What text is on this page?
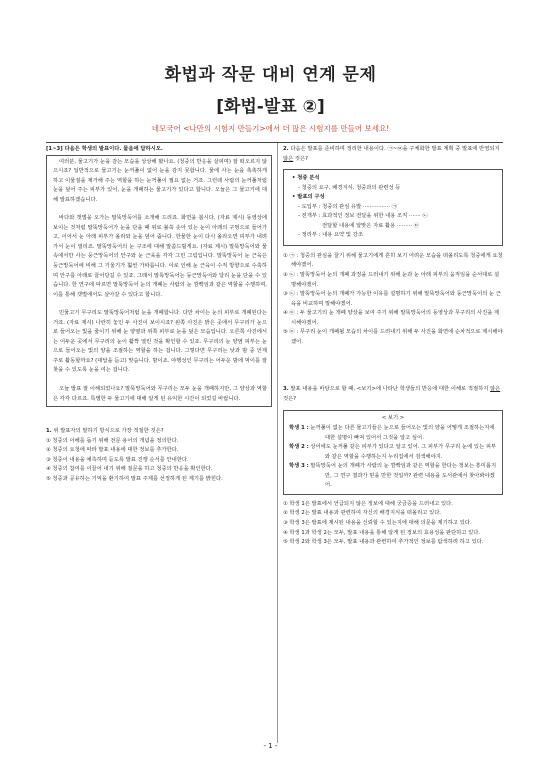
화법과 작문 대비 연계 문제
[화법-발표 ②]
네모국어 <나만의 시험지 만들기>에서 더 많은 시험지를 만들어 보세요!
[1~3] 다음은 학생의 발표이다. 물음에 답하시오.

여러분, 물고기가 눈을 감는 모습을 상상해 봤나요. (청중의 반응을 살피며) 잘 떠오르지 않으시죠? 일반적으로 물고기는 눈꺼풀이 없어 눈을 감지 못합니다. 물에 사는 눈을 촉촉하게 하고 이물질을 제거해 주는 역할을 하는 눈꺼풀이 필요 없는 거죠. 그런데 사람의 눈꺼풀처럼 눈을 덮어 주는 피부가 있어, 눈을 개폐하는 물고기가 있다고 합니다. 오늘은 그 물고기에 대해 발표하겠습니다.

바다와 갯벌을 오가는 말뚝망둑어를 소개해 드리죠. 화면을 봅시다. (자료 제시) 동영상에 보이는 것처럼 말뚝망둑어가 눈을 단을 때 위로 불쑥 솟아 있는 눈이 아래의 구멍으로 들어가고, 이어서 눈 아래 피부가 올라와 눈을 덮어 줍니다. 한물한 눈이 다시 올라오면 피부가 내려가서 눈이 열리죠. 말뚝망둑어의 눈 구조에 대해 말씀드릴게요. (자료 제시) 말뚝망둑어와 물속에서만 사는 둥근망둑어의 안구와 눈 근육을 각각 그린 그림입니다. 말뚝망둑어 눈 근육은 둥근망둑어에 비해 그 기울기가 훨씬 가파릅니다. 이로 인해 눈 근육이 수직 방향으로 수축하며 안구를 아래로 끌어당길 수 있죠. 그래서 말뚝망둑어는 둥근망둑어와 달리 눈을 단을 수 있습니다. 한 연구에 따르면 말뚝망둑어 눈의 개폐는 사람의 눈 깜빡임과 같은 역할을 수행하며, 이를 통해 갯벌에서도 살아갈 수 있다고 합니다.

민물고기 무구리도 말뚝망둑어처럼 눈을 개폐합니다. 다만 차이는 눈의 피부로 개폐된다는 거죠. (자료 제시) 나란히 놓인 두 사진이 보이시죠? 왼쪽 사진은 밝은 곳에서 무구리가 눈으로 들어오는 빛을 줄이기 위해 눈 양옆과 위쪽 피부로 눈을 덮은 모습입니다. 오른쪽 사진에서는 어두운 곳에서 무구리의 눈이 활짝 열린 것을 확인할 수 있죠. 무구리의 눈 양옆 피부는 눈으로 들어오는 빛의 양을 조절하는 역할을 하는 겁니다. 그렇다면 무구리는 낮과 밤 중 언제 주로 활동할까요? (대답을 듣고) 맞습니다. 밤이죠. 야행성인 무구리는 어두운 밤에 먹이를 잘 찾을 수 있도록 눈을 여는 겁니다.

오늘 발표 잘 이해되었나요? 말뚝망둑어와 무구리는 모두 눈을 개폐하지만, 그 양상과 역할은 각각 다르죠. 특별한 두 물고기에 대해 알게 된 유익한 시간이 되었길 바랍니다.

1. 위 발표자의 말하기 방식으로 가장 적절한 것은?
① 청중의 이해를 돕기 위해 전문 용어의 개념을 정의한다.
② 청중의 요청에 따라 발표 내용에 대한 정보를 추가한다.
③ 청중이 내용을 예측하며 듣도록 발표 진행 순서를 안내한다.
④ 청중의 참여를 이끌어 내기 위해 질문을 하고 청중의 반응을 확인한다.
⑤ 청중과 공유하는 기억을 환기하여 발표 주제를 선정하게 된 계기를 밝힌다.
2. 다음은 발표를 준비하며 정리한 내용이다. ㉠~㉤을 구체화한 발표 계획 중 발표에 반영되지 않은 것은?
• 청중 분석
- 청중의 요구, 배경지식, 청중과의 관련성 등
• 발표의 구성
- 도입부 : 청중의 관심 유발 ················ ㉠
- 전개부 : 효과적인 정보 전달을 위한 내용 조직 ······· ㉡
전달할 내용에 알맞은 자료 활용 ········· ㉢
- 정리부 : 내용 요약 및 강조
① ㉠ : 청중의 관심을 끌기 위해 물고기에게 흔히 보기 어려운 모습을 떠올리도록 청중에게 요청해야겠어.
② ㉡ : 말뚝망둑어 눈의 개폐 과정을 드러내기 위해 눈과 눈 아래 피부의 움직임을 순서대로 설명해야겠어.
③ ㉡ : 말뚝망둑어 눈의 개폐가 가능한 이유를 설명하기 위해 말뚝망둑어와 둥근망둑어의 눈 근육을 비교하며 말해야겠어.
④ ㉢ : 두 물고기의 눈 개폐 양상을 보여 주기 위해 말뚝망둑어의 동영상과 무구리의 사진을 제시해야겠어.
⑤ ㉢ : 무구리 눈이 개폐될 모습의 차이를 드러내기 위해 두 사진을 화면에 순차적으로 제시해야겠어.
3. 발표 내용을 바탕으로 할 때, <보기>에 나타난 학생들의 반응에 대한 이해로 적절하지 않은 것은?
< 보기 >
학생 1 : 눈꺼풀이 없는 다른 물고기들은 눈으로 들어오는 빛의 양을 어떻게 조절하는지에 대한 설명이 빠져 있어서 그것을 알고 싶어.
학생 2 : 상어에도 눈꺼풀 같은 피부가 있다고 알고 있어. 그 피부가 무구리 눈에 있는 피부와 같은 역할을 수행하는지 누리집에서 검색해야지.
학생 3 : 말뚝망둑어 눈의 개폐가 사람의 눈 깜빡임과 같은 역할을 한다는 정보는 흥미롭지만, 그 연구 결과가 믿을 만한 것일까? 관련 내용을 도서관에서 찾아봐야겠어.
① 학생 1은 발표에서 언급되지 않은 정보에 대해 궁금증을 드러내고 있다.
② 학생 2는 발표 내용과 관련하여 자신의 배경지식을 떠올리고 있다.
③ 학생 3은 발표에 제시된 내용을 신뢰할 수 있는지에 대해 의문을 제기하고 있다.
④ 학생 1과 학생 2는 모두, 발표 내용을 통해 알게 된 정보의 효용성을 판단하고 있다.
⑤ 학생 2와 학생 3은 모두, 발표 내용과 관련하여 추가적인 정보를 탐색하려 하고 있다.
- 1 -
